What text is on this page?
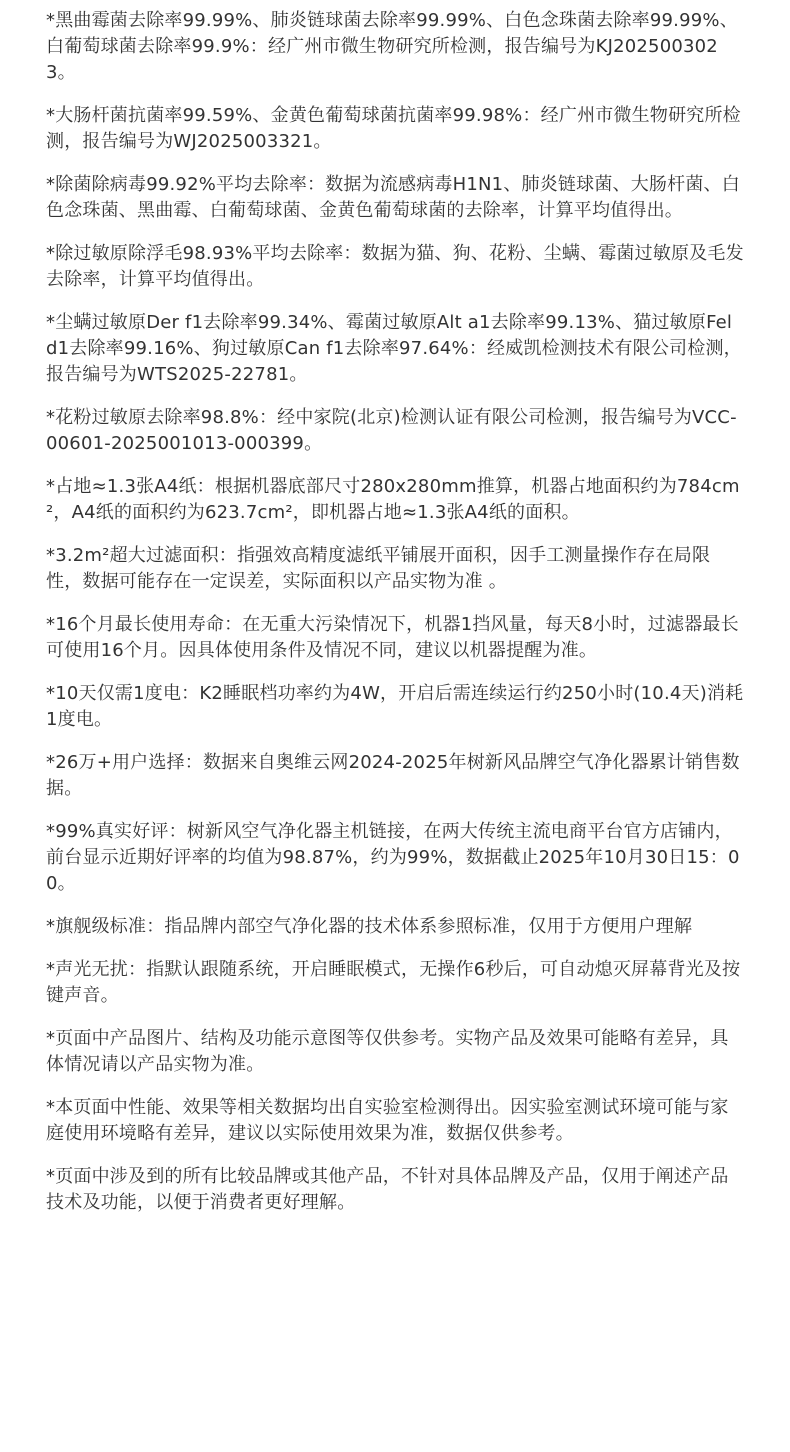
*黑曲霉菌去除率99.99%、肺炎链球菌去除率99.99%、白色念珠菌去除率99.99%、白葡萄球菌去除率99.9%：经广州市微生物研究所检测，报告编号为KJ2025003023。

*大肠杆菌抗菌率99.59%、金黄色葡萄球菌抗菌率99.98%：经广州市微生物研究所检测，报告编号为WJ2025003321。

*除菌除病毒99.92%平均去除率：数据为流感病毒H1N1、肺炎链球菌、大肠杆菌、白色念珠菌、黑曲霉、白葡萄球菌、金黄色葡萄球菌的去除率，计算平均值得出。

*除过敏原除浮毛98.93%平均去除率：数据为猫、狗、花粉、尘螨、霉菌过敏原及毛发去除率，计算平均值得出。

*尘螨过敏原Der f1去除率99.34%、霉菌过敏原Alt a1去除率99.13%、猫过敏原Fel d1去除率99.16%、狗过敏原Can f1去除率97.64%：经威凯检测技术有限公司检测，报告编号为WTS2025-22781。

*花粉过敏原去除率98.8%：经中家院(北京)检测认证有限公司检测，报告编号为VCC-00601-2025001013-000399。

*占地≈1.3张A4纸：根据机器底部尺寸280x280mm推算，机器占地面积约为784cm²，A4纸的面积约为623.7cm²，即机器占地≈1.3张A4纸的面积。

*3.2m²超大过滤面积：指强效高精度滤纸平铺展开面积，因手工测量操作存在局限性，数据可能存在一定误差，实际面积以产品实物为准 。

*16个月最长使用寿命：在无重大污染情况下，机器1挡风量，每天8小时，过滤器最长可使用16个月。因具体使用条件及情况不同，建议以机器提醒为准。

*10天仅需1度电：K2睡眠档功率约为4W，开启后需连续运行约250小时(10.4天)消耗1度电。

*26万+用户选择：数据来自奥维云网2024-2025年树新风品牌空气净化器累计销售数据。

*99%真实好评：树新风空气净化器主机链接，在两大传统主流电商平台官方店铺内，前台显示近期好评率的均值为98.87%，约为99%，数据截止2025年10月30日15：00。

*旗舰级标准：指品牌内部空气净化器的技术体系参照标准，仅用于方便用户理解

*声光无扰：指默认跟随系统，开启睡眠模式，无操作6秒后，可自动熄灭屏幕背光及按键声音。

*页面中产品图片、结构及功能示意图等仅供参考。实物产品及效果可能略有差异，具体情况请以产品实物为准。

*本页面中性能、效果等相关数据均出自实验室检测得出。因实验室测试环境可能与家庭使用环境略有差异，建议以实际使用效果为准，数据仅供参考。

*页面中涉及到的所有比较品牌或其他产品，不针对具体品牌及产品，仅用于阐述产品技术及功能，以便于消费者更好理解。
